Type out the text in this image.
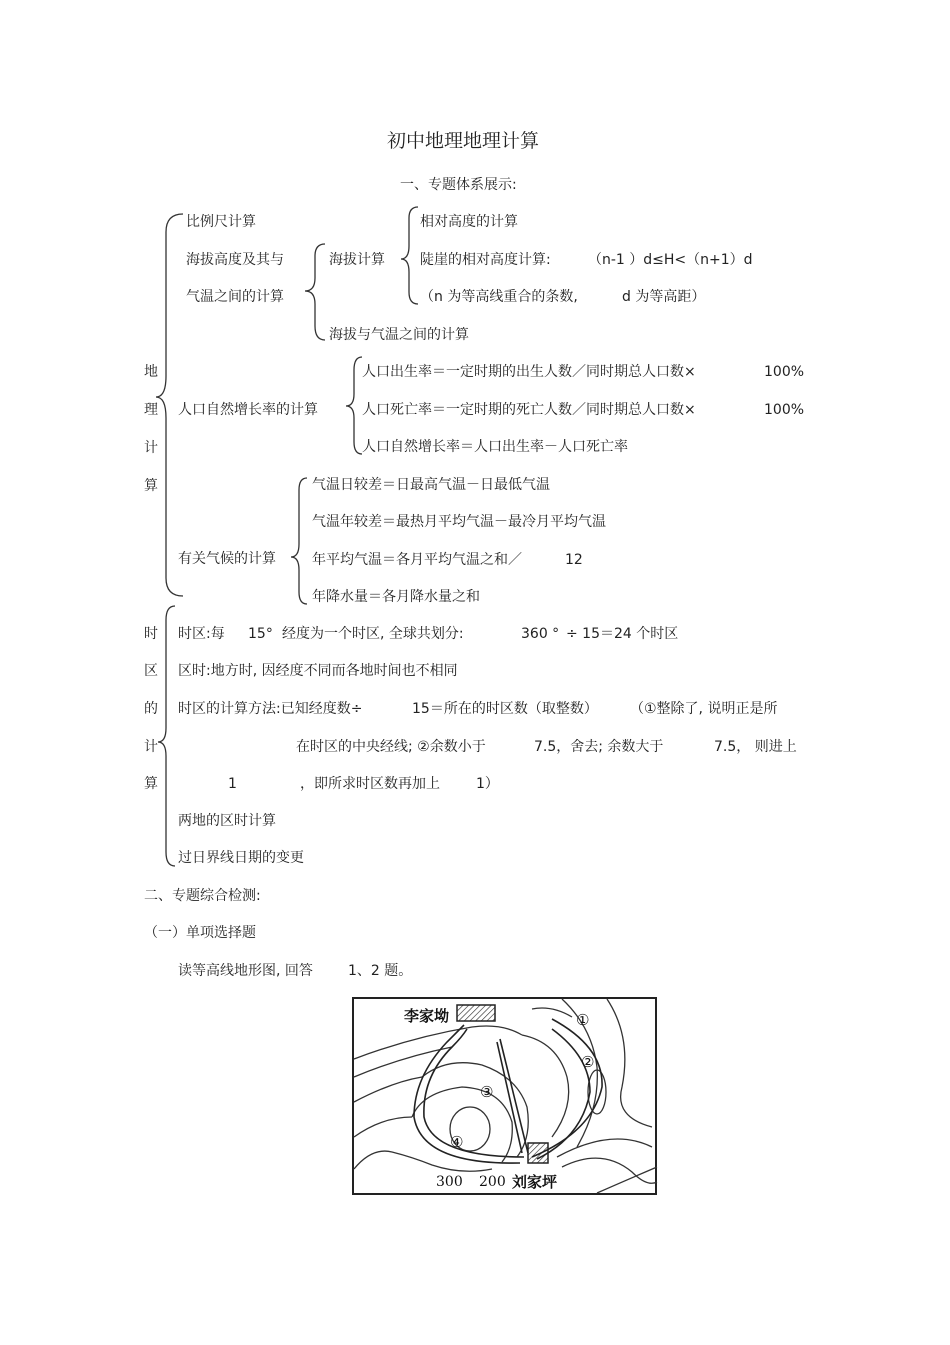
初中地理地理计算
一、专题体系展示:
地
理
计
算
比例尺计算
海拔高度及其与
气温之间的计算
海拔计算
相对高度的计算
陡崖的相对高度计算:	（n-1 ）d≤H<（n+1）d
（n 为等高线重合的条数,	d 为等高距）
海拔与气温之间的计算
人口自然增长率的计算
人口出生率＝一定时期的出生人数／同时期总人口数×	100%
人口死亡率＝一定时期的死亡人数／同时期总人口数×	100%
人口自然增长率＝人口出生率－人口死亡率
有关气候的计算
气温日较差＝日最高气温－日最低气温
气温年较差＝最热月平均气温－最冷月平均气温
年平均气温＝各月平均气温之和／	12
年降水量＝各月降水量之和
时
区
的
计
算
时区:每 15° 经度为一个时区, 全球共划分:	360 ° ÷ 15＝24 个时区
区时:地方时, 因经度不同而各地时间也不相同
时区的计算方法:已知经度数÷	15＝所在的时区数（取整数） （①整除了, 说明正是所
在时区的中央经线; ②余数小于	7.5，舍去; 余数大于	7.5， 则进上
1	，即所求时区数再加上	1）
两地的区时计算
过日界线日期的变更
二、专题综合检测:
（一）单项选择题
读等高线地形图, 回答	1、2 题。
李家坳
刘家坪
300 200
①
②
③
④
